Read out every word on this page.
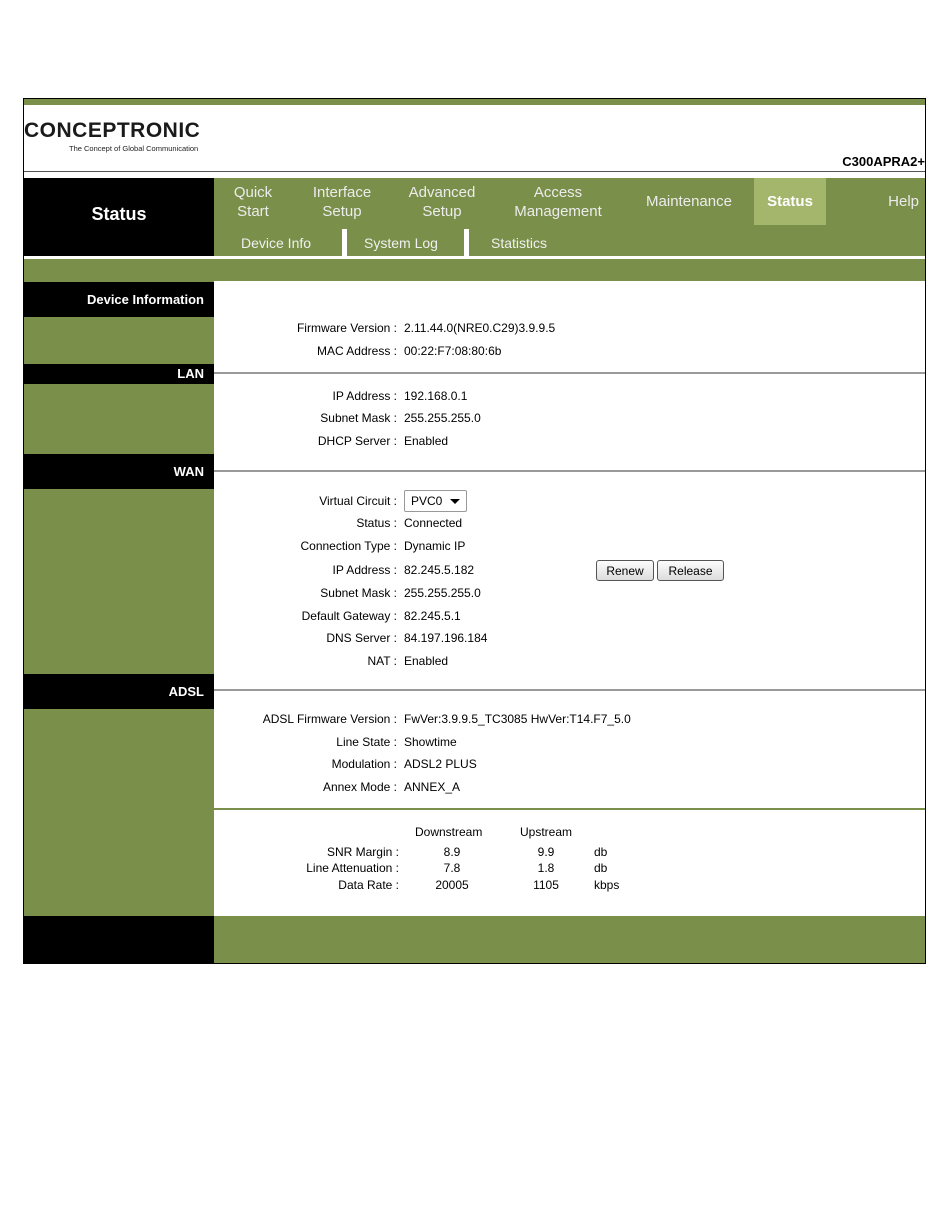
CONCEPTRONIC
The Concept of Global Communication
C300APRA2+
Status
Quick
Start
Interface
Setup
Advanced
Setup
Access
Management
Maintenance Status	Help
Device Info	System Log	Statistics
Device Information
LAN
WAN
ADSL
Firmware Version : 2.11.44.0(NRE0.C29)3.9.9.5
MAC Address : 00:22:F7:08:80:6b
IP Address : 192.168.0.1
Subnet Mask : 255.255.255.0
DHCP Server : Enabled
Virtual Circuit : PVC0
Status : Connected
Connection Type : Dynamic IP
IP Address : 82.245.5.182	Renew	Release
Subnet Mask : 255.255.255.0
Default Gateway : 82.245.5.1
DNS Server : 84.197.196.184
NAT : Enabled
ADSL Firmware Version : FwVer:3.9.9.5_TC3085 HwVer:T14.F7_5.0
Line State : Showtime
Modulation : ADSL2 PLUS
Annex Mode : ANNEX_A
Downstream	Upstream
SNR Margin :	8.9	9.9	db
Line Attenuation :	7.8	1.8	db
Data Rate :	20005	1105	kbps
